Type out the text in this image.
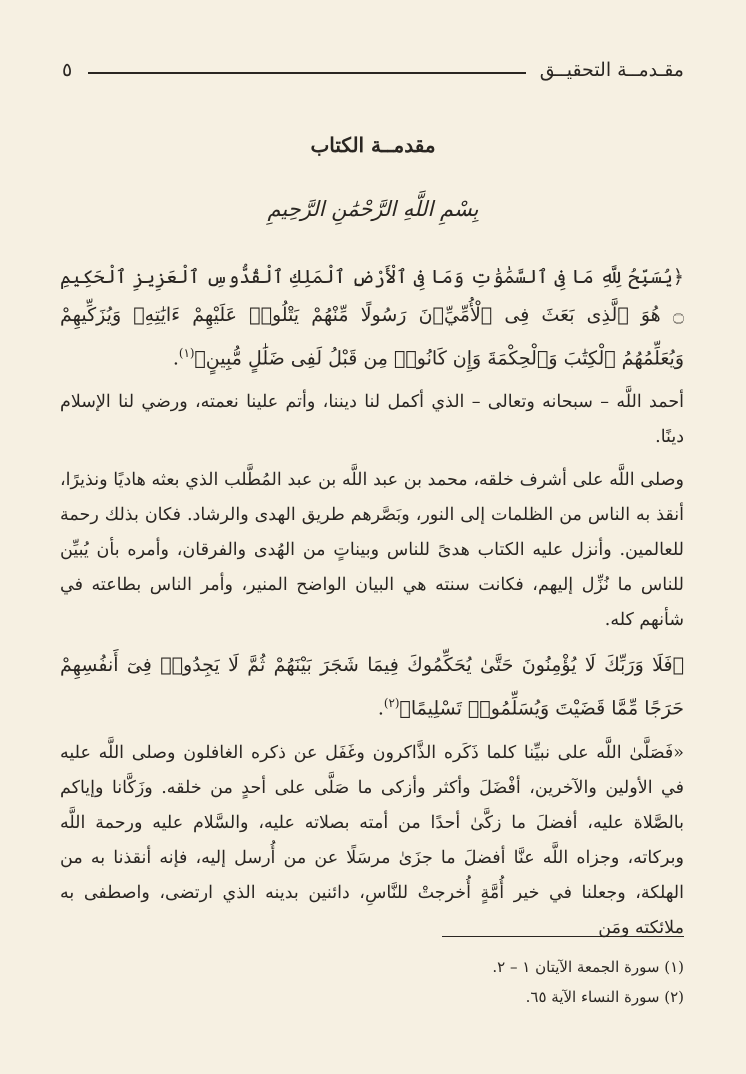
مقـدمــة التحقيــق
٥
مقدمــة الكتاب
بِسْمِ اللَّهِ الرَّحْمَٰنِ الرَّحِيمِ

﴿يُسَبِّحُ لِلَّهِ مَا فِى ٱلسَّمَٰوَٰتِ وَمَا فِى ٱلْأَرْضِ ٱلْمَلِكِ ٱلْقُدُّوسِ ٱلْعَزِيزِ ٱلْحَكِيمِ ۝ هُوَ ٱلَّذِى بَعَثَ فِى ٱلْأُمِّيِّۦنَ رَسُولًا مِّنْهُمْ يَتْلُوا۟ عَلَيْهِمْ ءَايَٰتِهِۦ وَيُزَكِّيهِمْ وَيُعَلِّمُهُمُ ٱلْكِتَٰبَ وَٱلْحِكْمَةَ وَإِن كَانُوا۟ مِن قَبْلُ لَفِى ضَلَٰلٍ مُّبِينٍ﴾$^{(١)}$.

أحمد اللَّه – سبحانه وتعالى – الذي أكمل لنا ديننا، وأتم علينا نعمته، ورضي لنا الإسلام دينًا.

وصلى اللَّه على أشرف خلقه، محمد بن عبد اللَّه بن عبد المُطَّلب الذي بعثه هاديًا ونذيرًا، أنقذ به الناس من الظلمات إلى النور، وبَصَّرهم طريق الهدى والرشاد. فكان بذلك رحمة للعالمين. وأنزل عليه الكتاب هدىً للناس وبيناتٍ من الهُدى والفرقان، وأمره بأن يُبيِّن للناس ما نُزِّل إليهم، فكانت سنته هي البيان الواضح المنير، وأمر الناس بطاعته في شأنهم كله.

﴿فَلَا وَرَبِّكَ لَا يُؤْمِنُونَ حَتَّىٰ يُحَكِّمُوكَ فِيمَا شَجَرَ بَيْنَهُمْ ثُمَّ لَا يَجِدُوا۟ فِىٓ أَنفُسِهِمْ حَرَجًا مِّمَّا قَضَيْتَ وَيُسَلِّمُوا۟ تَسْلِيمًا﴾$^{(٢)}$.

«فَصَلَّىٰ اللَّه على نبيِّنا كلما ذَكَره الذَّاكرون وغَفَل عن ذكره الغافلون وصلى اللَّه عليه في الأولين والآخرين، أفْضَلَ وأكثر وأزكى ما صَلَّى على أحدٍ من خلقه. وزَكَّانا وإياكم بالصَّلاة عليه، أفضلَ ما زكَّىٰ أحدًا من أمته بصلاته عليه، والسَّلام عليه ورحمة اللَّه وبركاته، وجزاه اللَّه عنَّا أفضلَ ما جزَىٰ مرسَلًا عن من أُرسل إليه، فإنه أنقذنا به من الهلكة، وجعلنا في خير أُمَّةٍ أُخرجتْ للنَّاسِ، دائنين بدينه الذي ارتضى، واصطفى به ملائكته ومَن

(١) سورة الجمعة الآيتان ١ – ٢.
(٢) سورة النساء الآية ٦٥.
